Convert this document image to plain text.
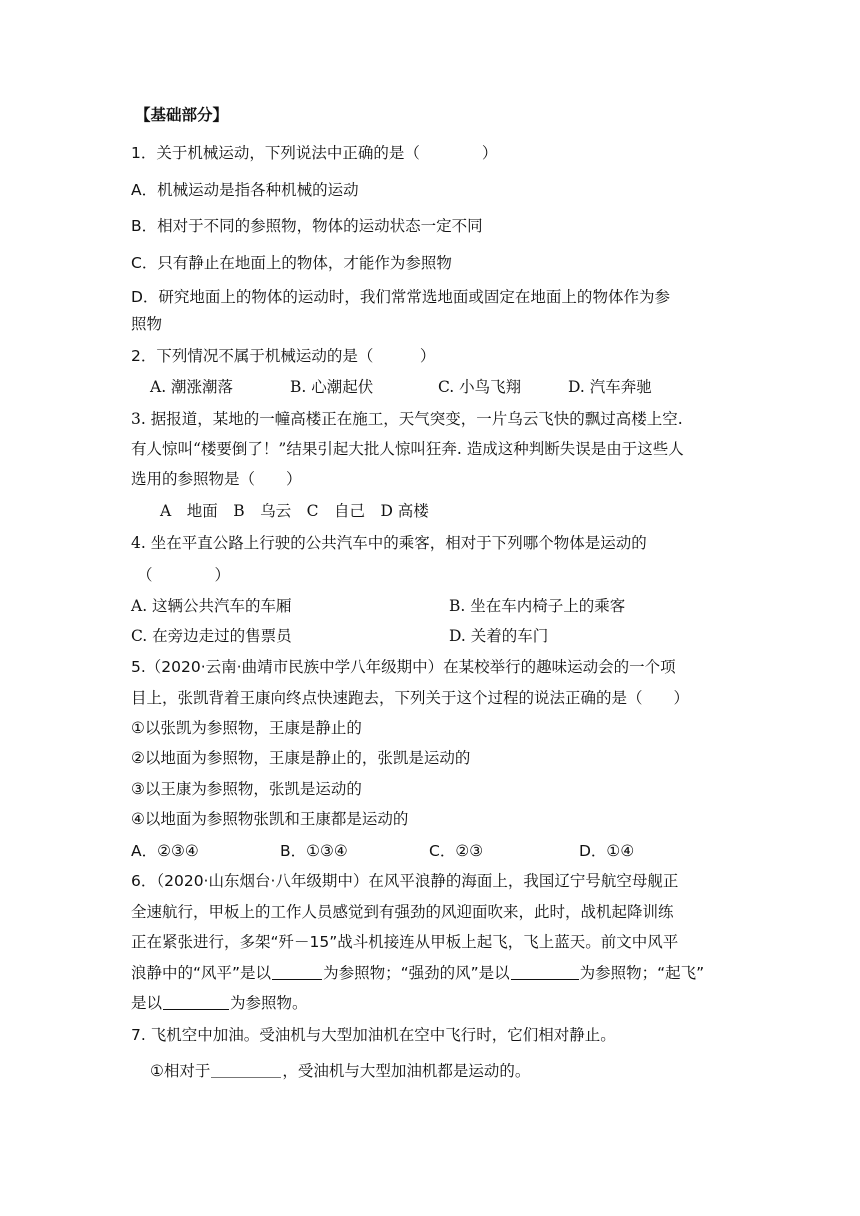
【基础部分】
1．关于机械运动，下列说法中正确的是（　　　　）
A．机械运动是指各种机械的运动
B．相对于不同的参照物，物体的运动状态一定不同
C．只有静止在地面上的物体，才能作为参照物
D．研究地面上的物体的运动时，我们常常选地面或固定在地面上的物体作为参
照物
2．下列情况不属于机械运动的是（　　　）
A. 潮涨潮落	B. 心潮起伏	C. 小鸟飞翔	D. 汽车奔驰
3. 据报道，某地的一幢高楼正在施工，天气突变，一片乌云飞快的飘过高楼上空.
有人惊叫“楼要倒了！”结果引起大批人惊叫狂奔. 造成这种判断失误是由于这些人
选用的参照物是（　　）
A　地面　B　乌云　C　自己　D 高楼
4. 坐在平直公路上行驶的公共汽车中的乘客，相对于下列哪个物体是运动的
（　　　　）
A. 这辆公共汽车的车厢	B. 坐在车内椅子上的乘客
C. 在旁边走过的售票员	D. 关着的车门
5.（2020·云南·曲靖市民族中学八年级期中）在某校举行的趣味运动会的一个项
目上，张凯背着王康向终点快速跑去，下列关于这个过程的说法正确的是（　　）
①以张凯为参照物，王康是静止的
②以地面为参照物，王康是静止的，张凯是运动的
③以王康为参照物，张凯是运动的
④以地面为参照物张凯和王康都是运动的
A．②③④	B．①③④	C．②③	D．①④
6．（2020·山东烟台·八年级期中）在风平浪静的海面上，我国辽宁号航空母舰正
全速航行，甲板上的工作人员感觉到有强劲的风迎面吹来，此时，战机起降训练
正在紧张进行，多架“歼－15”战斗机接连从甲板上起飞，飞上蓝天。前文中风平
浪静中的“风平”是以	为参照物；“强劲的风”是以	为参照物；“起飞”
是以	为参照物。
7. 飞机空中加油。受油机与大型加油机在空中飞行时，它们相对静止。
①相对于	，受油机与大型加油机都是运动的。
